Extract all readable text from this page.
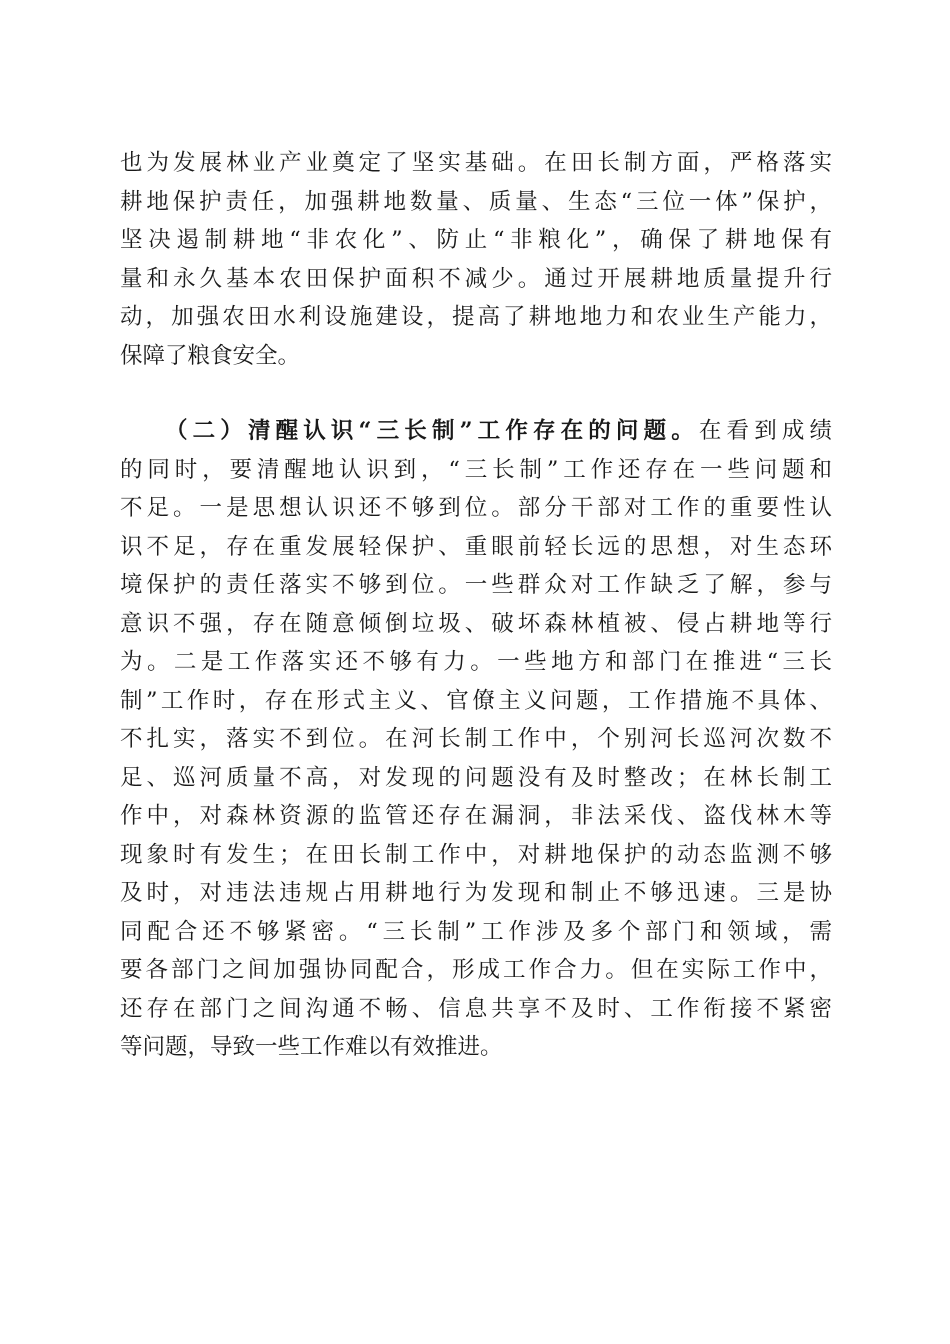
也为发展林业产业奠定了坚实基础。在田长制方面，严格落实
耕地保护责任，加强耕地数量、质量、生态“三位一体”保护，
坚决遏制耕地“非农化”、防止“非粮化”，确保了耕地保有
量和永久基本农田保护面积不减少。通过开展耕地质量提升行
动，加强农田水利设施建设，提高了耕地地力和农业生产能力，
保障了粮食安全。
（二）清醒认识“三长制”工作存在的问题。在看到成绩
的同时，要清醒地认识到，“三长制”工作还存在一些问题和
不足。一是思想认识还不够到位。部分干部对工作的重要性认
识不足，存在重发展轻保护、重眼前轻长远的思想，对生态环
境保护的责任落实不够到位。一些群众对工作缺乏了解，参与
意识不强，存在随意倾倒垃圾、破坏森林植被、侵占耕地等行
为。二是工作落实还不够有力。一些地方和部门在推进“三长
制”工作时，存在形式主义、官僚主义问题，工作措施不具体、
不扎实，落实不到位。在河长制工作中，个别河长巡河次数不
足、巡河质量不高，对发现的问题没有及时整改；在林长制工
作中，对森林资源的监管还存在漏洞，非法采伐、盗伐林木等
现象时有发生；在田长制工作中，对耕地保护的动态监测不够
及时，对违法违规占用耕地行为发现和制止不够迅速。三是协
同配合还不够紧密。“三长制”工作涉及多个部门和领域，需
要各部门之间加强协同配合，形成工作合力。但在实际工作中，
还存在部门之间沟通不畅、信息共享不及时、工作衔接不紧密
等问题，导致一些工作难以有效推进。
